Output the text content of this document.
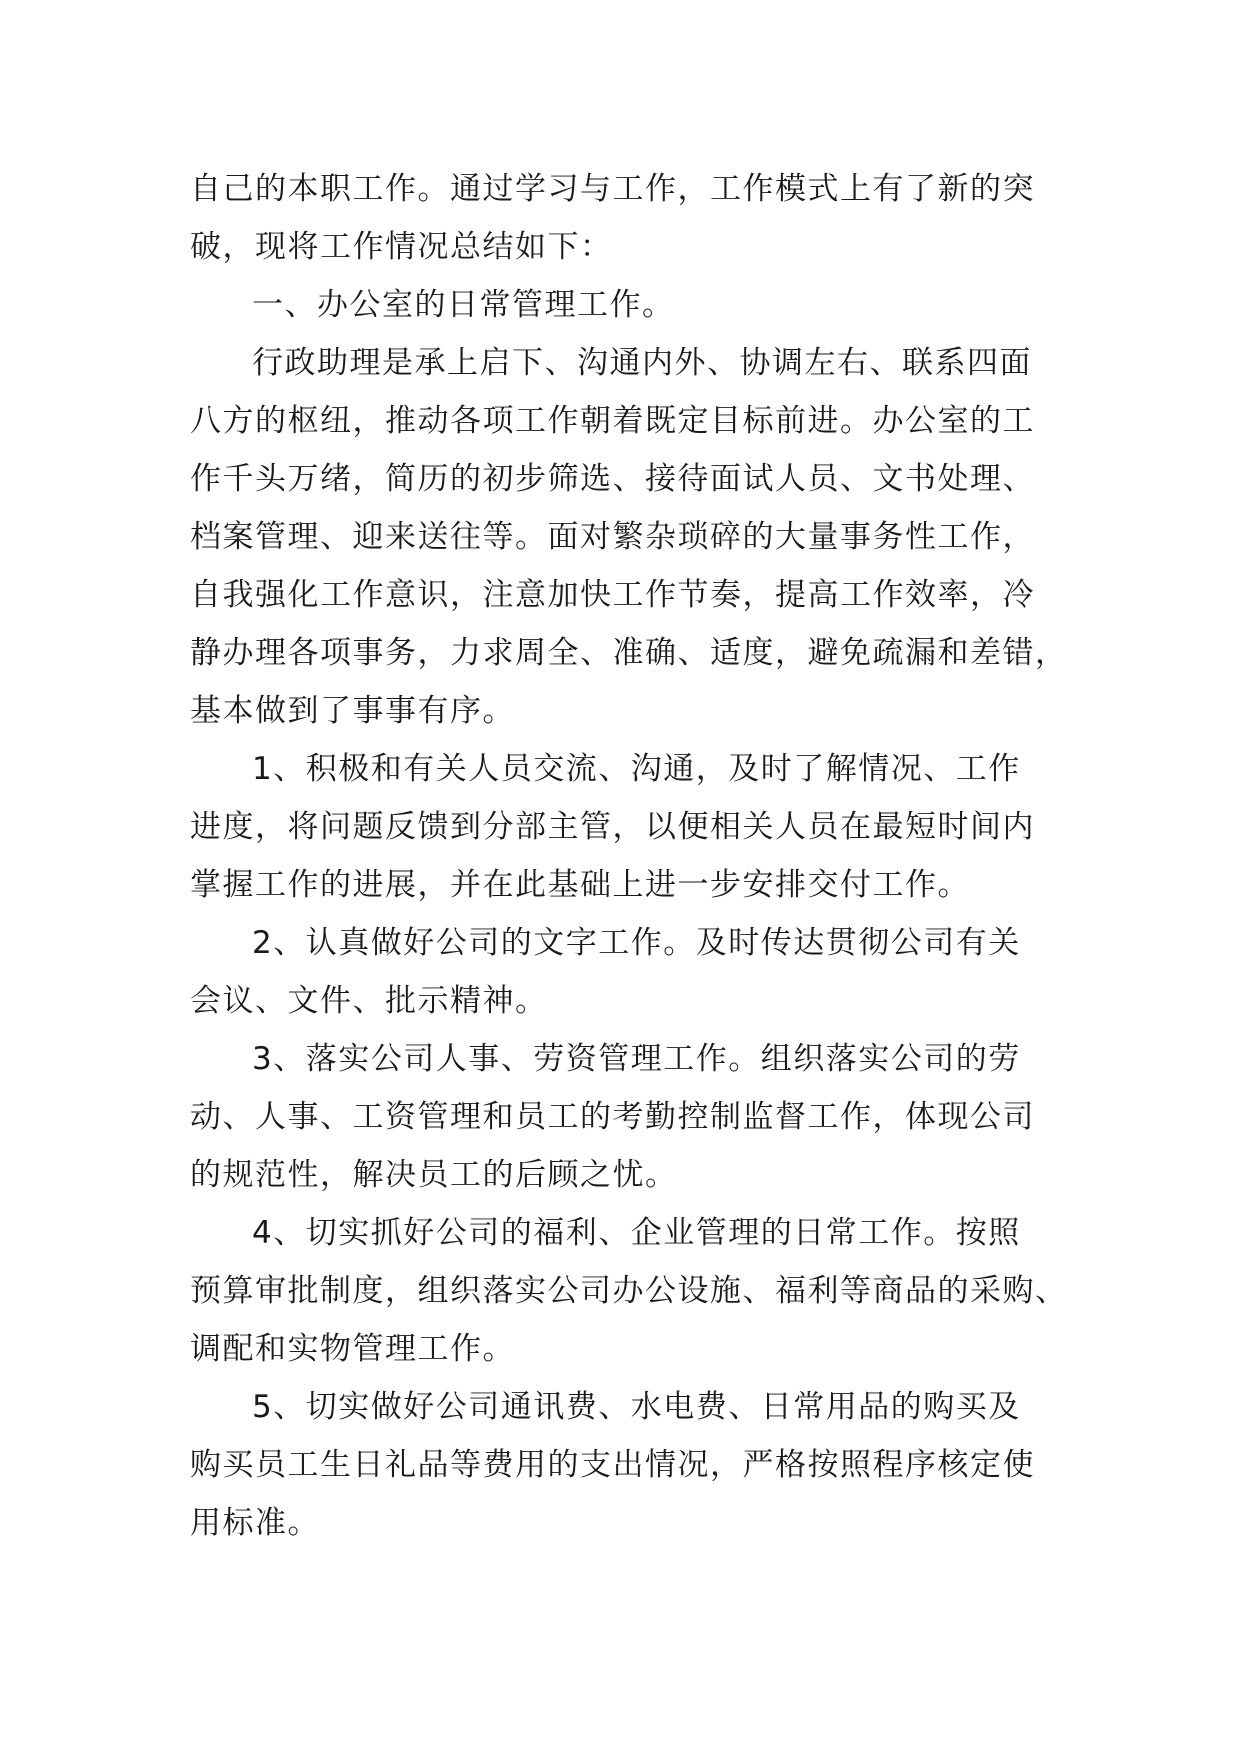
自己的本职工作。通过学习与工作，工作模式上有了新的突
破，现将工作情况总结如下：
一、办公室的日常管理工作。
行政助理是承上启下、沟通内外、协调左右、联系四面
八方的枢纽，推动各项工作朝着既定目标前进。办公室的工
作千头万绪，简历的初步筛选、接待面试人员、文书处理、
档案管理、迎来送往等。面对繁杂琐碎的大量事务性工作，
自我强化工作意识，注意加快工作节奏，提高工作效率，冷
静办理各项事务，力求周全、准确、适度，避免疏漏和差错，
基本做到了事事有序。
1、积极和有关人员交流、沟通，及时了解情况、工作
进度，将问题反馈到分部主管，以便相关人员在最短时间内
掌握工作的进展，并在此基础上进一步安排交付工作。
2、认真做好公司的文字工作。及时传达贯彻公司有关
会议、文件、批示精神。
3、落实公司人事、劳资管理工作。组织落实公司的劳
动、人事、工资管理和员工的考勤控制监督工作，体现公司
的规范性，解决员工的后顾之忧。
4、切实抓好公司的福利、企业管理的日常工作。按照
预算审批制度，组织落实公司办公设施、福利等商品的采购、
调配和实物管理工作。
5、切实做好公司通讯费、水电费、日常用品的购买及
购买员工生日礼品等费用的支出情况，严格按照程序核定使
用标准。
